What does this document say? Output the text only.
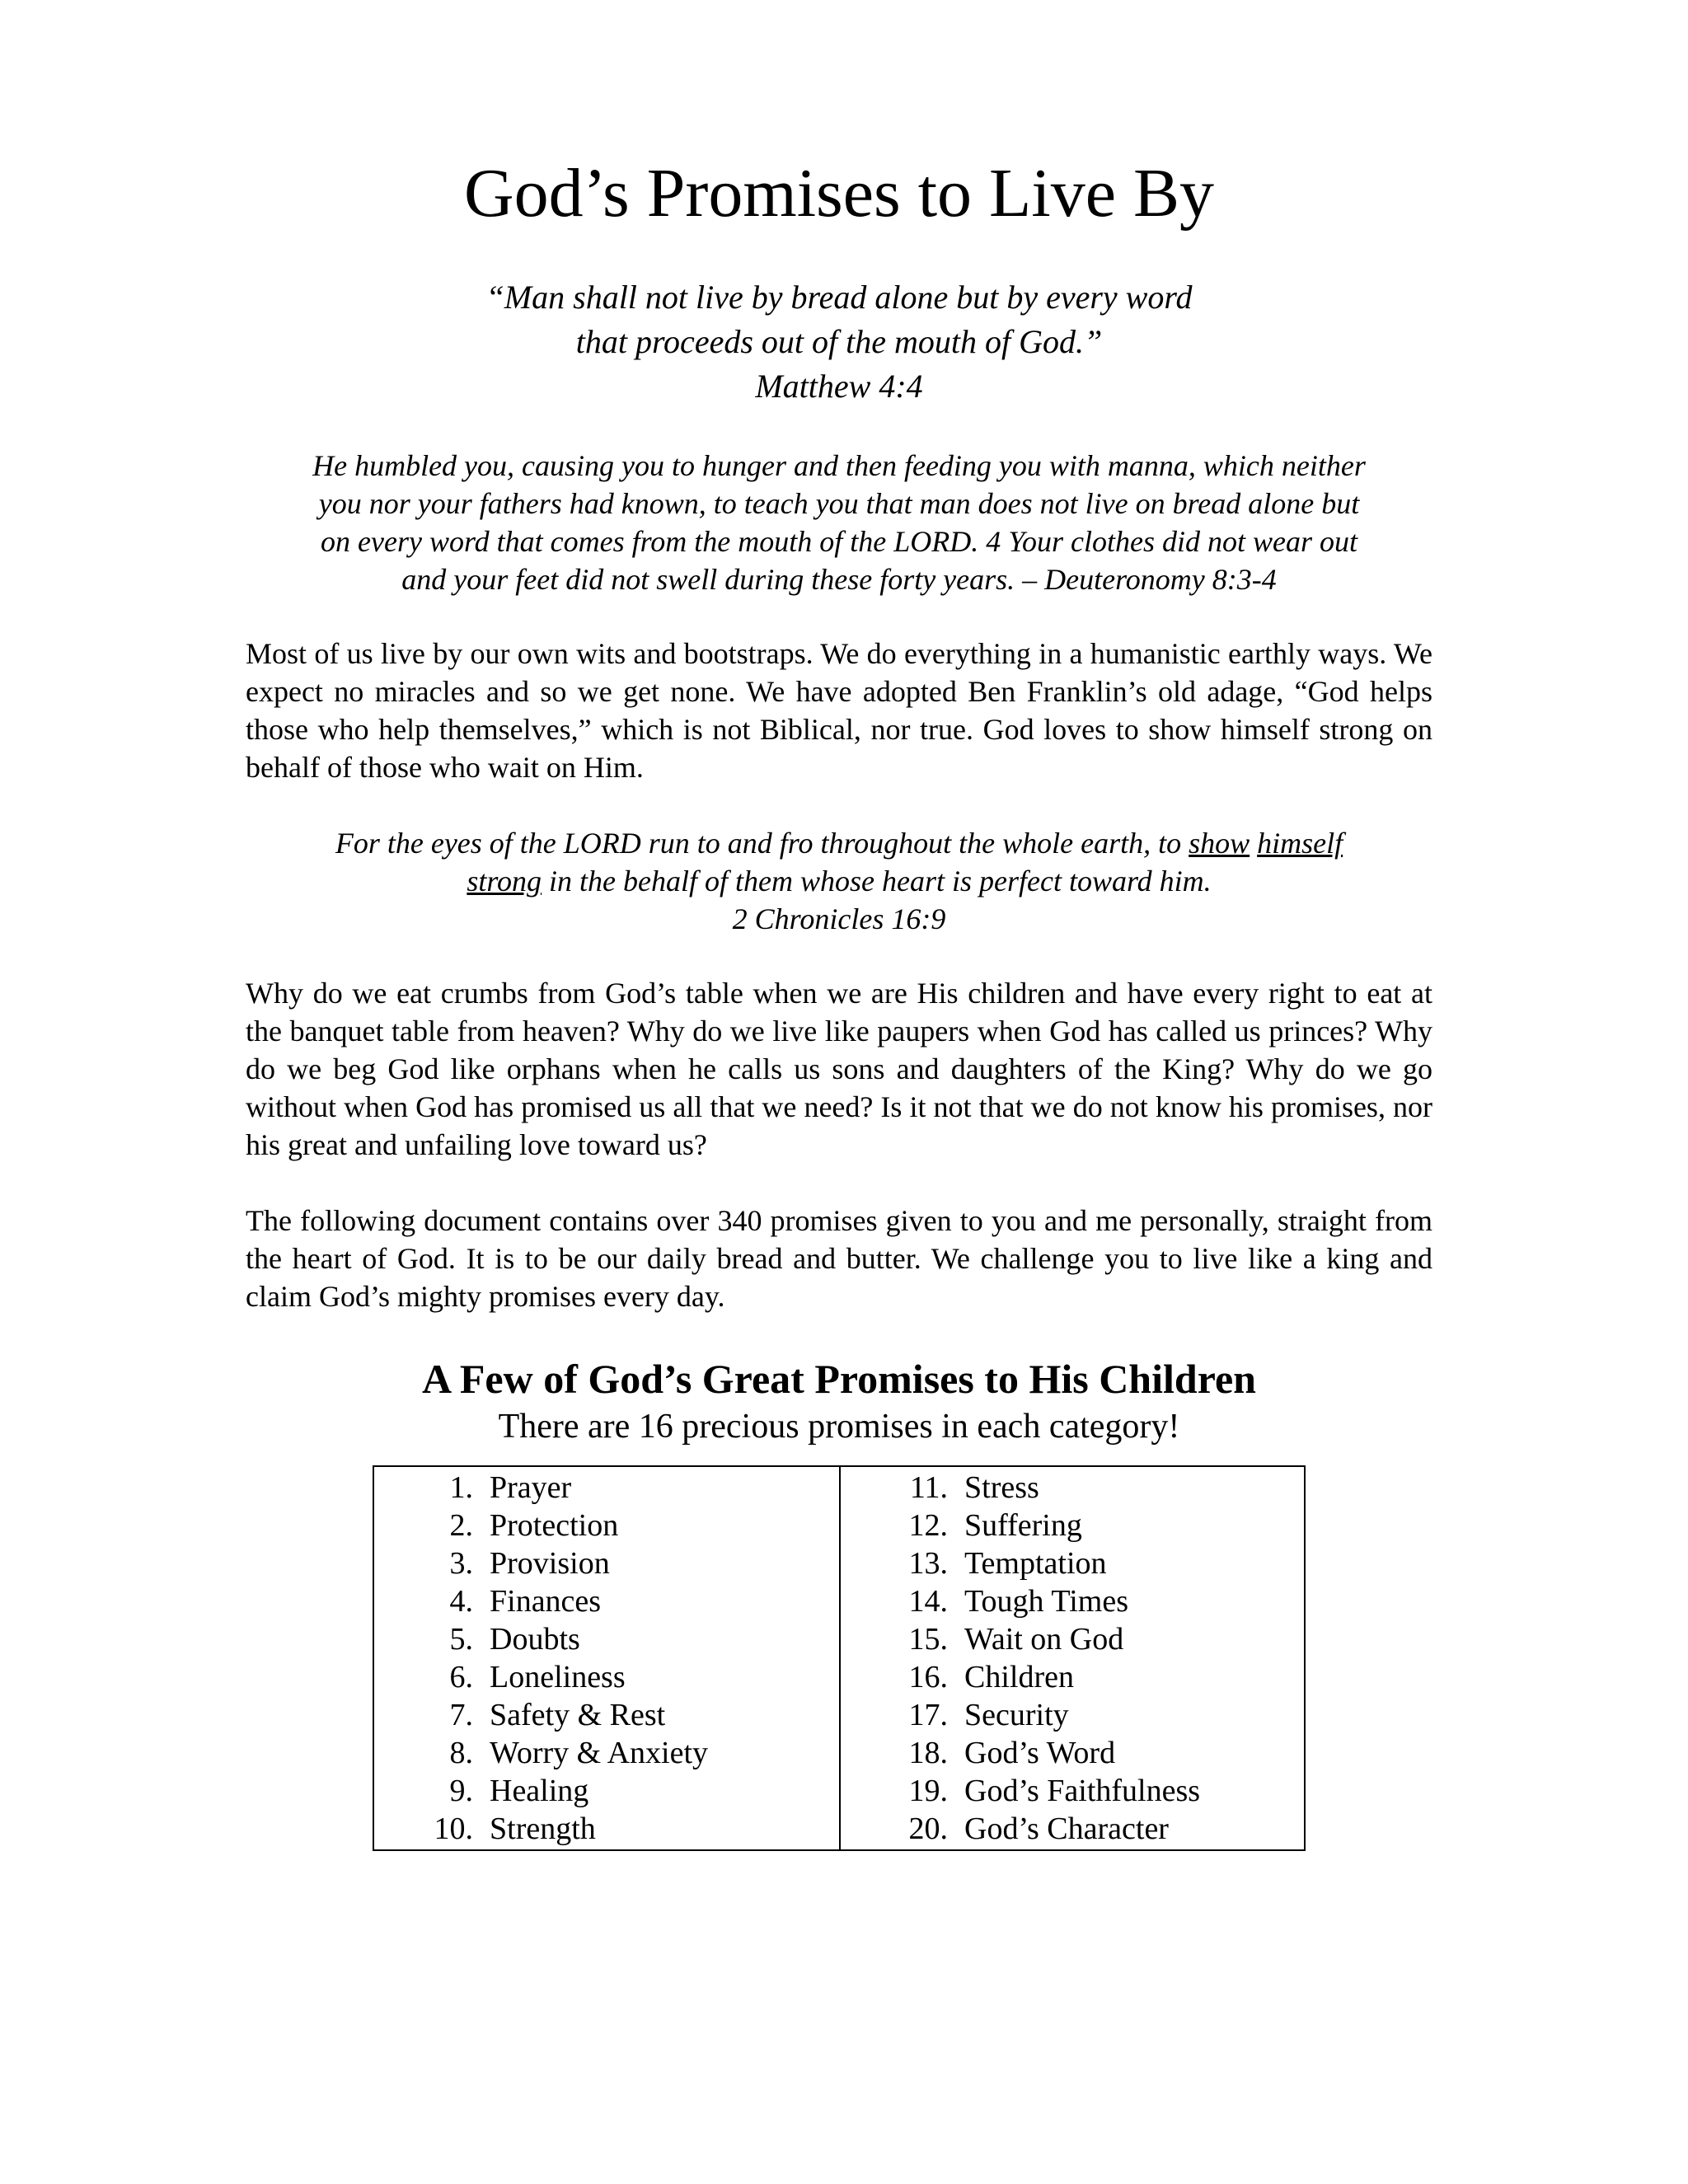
God’s Promises to Live By
“Man shall not live by bread alone but by every word
that proceeds out of the mouth of God.”
Matthew 4:4
He humbled you, causing you to hunger and then feeding you with manna, which neither
you nor your fathers had known, to teach you that man does not live on bread alone but
on every word that comes from the mouth of the LORD. 4 Your clothes did not wear out
and your feet did not swell during these forty years. – Deuteronomy 8:3-4

Most of us live by our own wits and bootstraps. We do everything in a humanistic earthly ways. We expect no miracles and so we get none. We have adopted Ben Franklin’s old adage, “God helps those who help themselves,” which is not Biblical, nor true. God loves to show himself strong on behalf of those who wait on Him.

For the eyes of the LORD run to and fro throughout the whole earth, to show himself
strong in the behalf of them whose heart is perfect toward him.
2 Chronicles 16:9

Why do we eat crumbs from God’s table when we are His children and have every right to eat at the banquet table from heaven? Why do we live like paupers when God has called us princes? Why do we beg God like orphans when he calls us sons and daughters of the King? Why do we go without when God has promised us all that we need? Is it not that we do not know his promises, nor his great and unfailing love toward us?

The following document contains over 340 promises given to you and me personally, straight from the heart of God. It is to be our daily bread and butter. We challenge you to live like a king and claim God’s mighty promises every day.

A Few of God’s Great Promises to His Children
There are 16 precious promises in each category!
1. Prayer
2. Protection
3. Provision
4. Finances
5. Doubts
6. Loneliness
7. Safety & Rest
8. Worry & Anxiety
9. Healing
10. Strength
11. Stress
12. Suffering
13. Temptation
14. Tough Times
15. Wait on God
16. Children
17. Security
18. God’s Word
19. God’s Faithfulness
20. God’s Character
